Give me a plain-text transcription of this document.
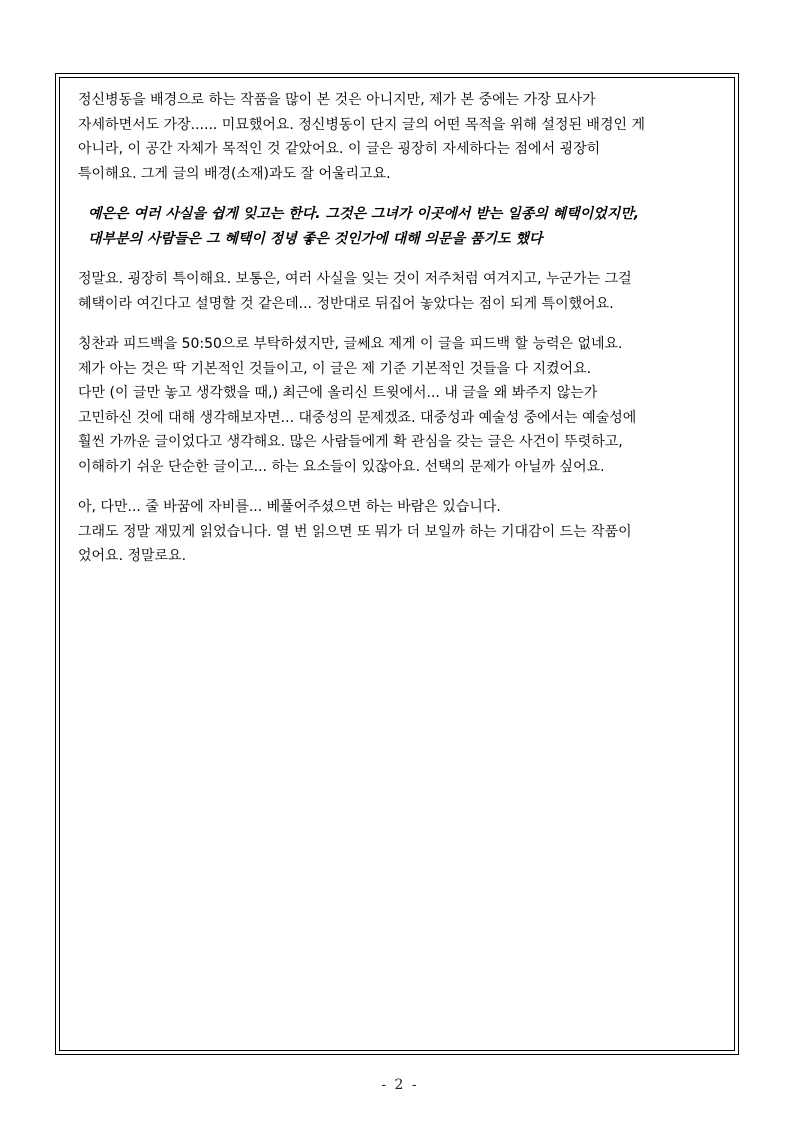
정신병동을 배경으로 하는 작품을 많이 본 것은 아니지만, 제가 본 중에는 가장 묘사가
자세하면서도 가장...... 미묘했어요. 정신병동이 단지 글의 어떤 목적을 위해 설정된 배경인 게
아니라, 이 공간 자체가 목적인 것 같았어요. 이 글은 굉장히 자세하다는 점에서 굉장히
특이해요. 그게 글의 배경(소재)과도 잘 어울리고요.

예은은 여러 사실을 쉽게 잊고는 한다. 그것은 그녀가 이곳에서 받는 일종의 혜택이었지만,
대부분의 사람들은 그 혜택이 정녕 좋은 것인가에 대해 의문을 품기도 했다

정말요. 굉장히 특이해요. 보통은, 여러 사실을 잊는 것이 저주처럼 여겨지고, 누군가는 그걸
혜택이라 여긴다고 설명할 것 같은데... 정반대로 뒤집어 놓았다는 점이 되게 특이했어요.

칭찬과 피드백을 50:50으로 부탁하셨지만, 글쎄요 제게 이 글을 피드백 할 능력은 없네요.
제가 아는 것은 딱 기본적인 것들이고, 이 글은 제 기준 기본적인 것들을 다 지켰어요.
다만 (이 글만 놓고 생각했을 때,) 최근에 올리신 트윗에서... 내 글을 왜 봐주지 않는가
고민하신 것에 대해 생각해보자면... 대중성의 문제겠죠. 대중성과 예술성 중에서는 예술성에
훨씬 가까운 글이었다고 생각해요. 많은 사람들에게 확 관심을 갖는 글은 사건이 뚜렷하고,
이해하기 쉬운 단순한 글이고... 하는 요소들이 있잖아요. 선택의 문제가 아닐까 싶어요.

아, 다만... 줄 바꿈에 자비를... 베풀어주셨으면 하는 바람은 있습니다.
그래도 정말 재밌게 읽었습니다. 열 번 읽으면 또 뭐가 더 보일까 하는 기대감이 드는 작품이
었어요. 정말로요.

- 2 -
